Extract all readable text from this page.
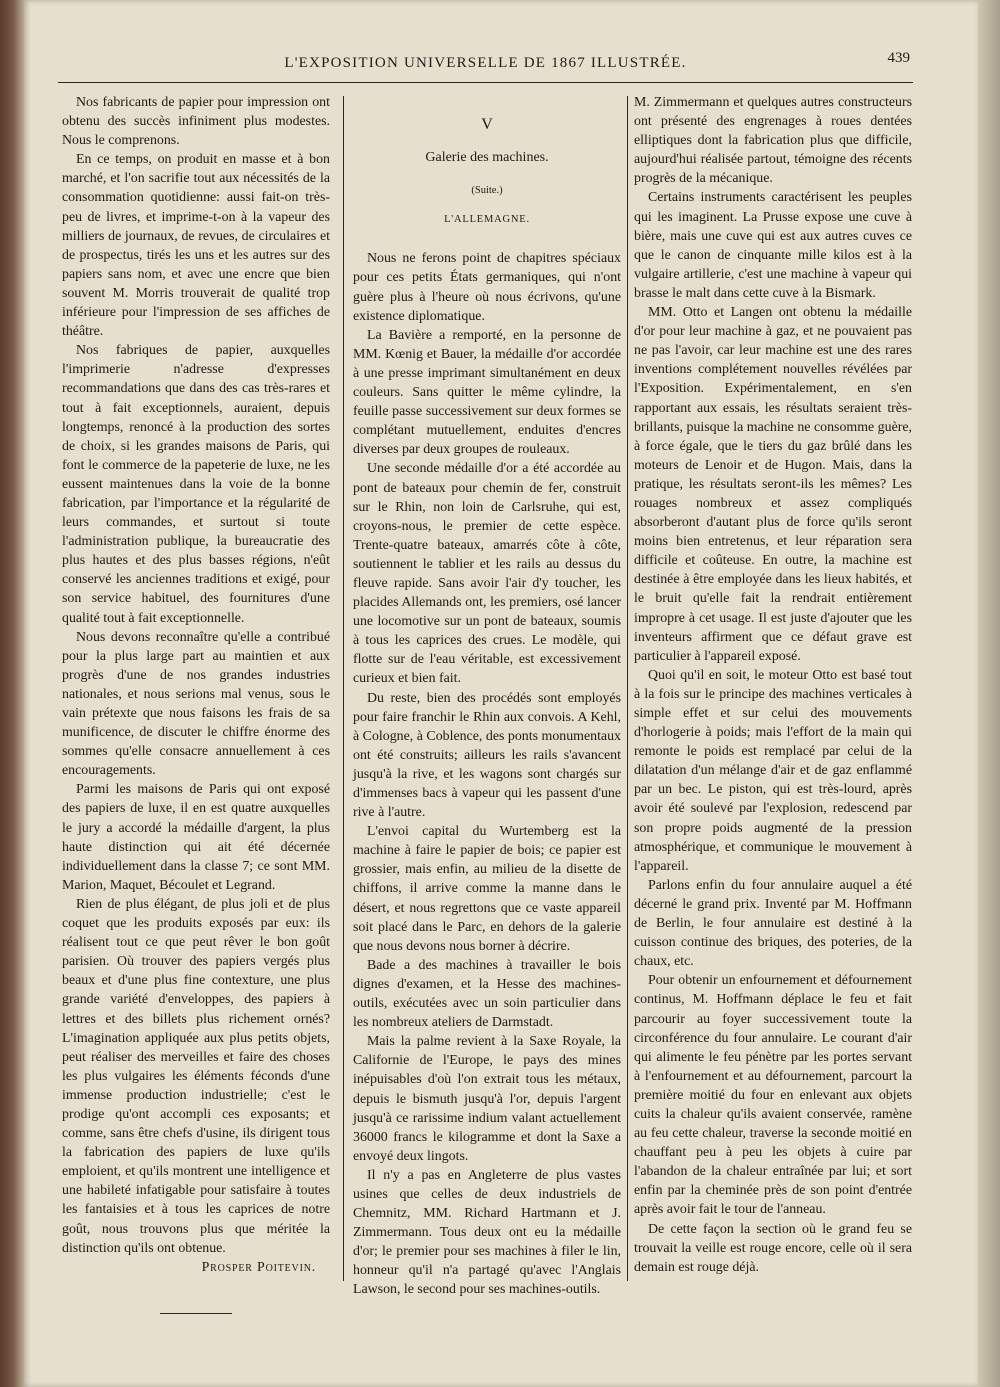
L'EXPOSITION UNIVERSELLE DE 1867 ILLUSTRÉE.	439

Nos fabricants de papier pour impression ont obtenu des succès infiniment plus modestes. Nous le comprenons.

En ce temps, on produit en masse et à bon marché, et l'on sacrifie tout aux nécessités de la consommation quotidienne: aussi fait-on très-peu de livres, et imprime-t-on à la vapeur des milliers de journaux, de revues, de circulaires et de prospectus, tirés les uns et les autres sur des papiers sans nom, et avec une encre que bien souvent M. Morris trouverait de qualité trop inférieure pour l'impression de ses affiches de théâtre.

Nos fabriques de papier, auxquelles l'imprimerie n'adresse d'expresses recommandations que dans des cas très-rares et tout à fait exceptionnels, auraient, depuis longtemps, renoncé à la production des sortes de choix, si les grandes maisons de Paris, qui font le commerce de la papeterie de luxe, ne les eussent maintenues dans la voie de la bonne fabrication, par l'importance et la régularité de leurs commandes, et surtout si toute l'administration publique, la bureaucratie des plus hautes et des plus basses régions, n'eût conservé les anciennes traditions et exigé, pour son service habituel, des fournitures d'une qualité tout à fait exceptionnelle.

Nous devons reconnaître qu'elle a contribué pour la plus large part au maintien et aux progrès d'une de nos grandes industries nationales, et nous serions mal venus, sous le vain prétexte que nous faisons les frais de sa munificence, de discuter le chiffre énorme des sommes qu'elle consacre annuellement à ces encouragements.

Parmi les maisons de Paris qui ont exposé des papiers de luxe, il en est quatre auxquelles le jury a accordé la médaille d'argent, la plus haute distinction qui ait été décernée individuellement dans la classe 7; ce sont MM. Marion, Maquet, Bécoulet et Legrand.

Rien de plus élégant, de plus joli et de plus coquet que les produits exposés par eux: ils réalisent tout ce que peut rêver le bon goût parisien. Où trouver des papiers vergés plus beaux et d'une plus fine contexture, une plus grande variété d'enveloppes, des papiers à lettres et des billets plus richement ornés? L'imagination appliquée aux plus petits objets, peut réaliser des merveilles et faire des choses les plus vulgaires les éléments féconds d'une immense production industrielle; c'est le prodige qu'ont accompli ces exposants; et comme, sans être chefs d'usine, ils dirigent tous la fabrication des papiers de luxe qu'ils emploient, et qu'ils montrent une intelligence et une habileté infatigable pour satisfaire à toutes les fantaisies et à tous les caprices de notre goût, nous trouvons plus que méritée la distinction qu'ils ont obtenue.

Prosper Poitevin.

V
Galerie des machines.
(Suite.)
L'ALLEMAGNE.

Nous ne ferons point de chapitres spéciaux pour ces petits États germaniques, qui n'ont guère plus à l'heure où nous écrivons, qu'une existence diplomatique.

La Bavière a remporté, en la personne de MM. Kœnig et Bauer, la médaille d'or accordée à une presse imprimant simultanément en deux couleurs. Sans quitter le même cylindre, la feuille passe successivement sur deux formes se complétant mutuellement, enduites d'encres diverses par deux groupes de rouleaux.

Une seconde médaille d'or a été accordée au pont de bateaux pour chemin de fer, construit sur le Rhin, non loin de Carlsruhe, qui est, croyons-nous, le premier de cette espèce. Trente-quatre bateaux, amarrés côte à côte, soutiennent le tablier et les rails au dessus du fleuve rapide. Sans avoir l'air d'y toucher, les placides Allemands ont, les premiers, osé lancer une locomotive sur un pont de bateaux, soumis à tous les caprices des crues. Le modèle, qui flotte sur de l'eau véritable, est excessivement curieux et bien fait.

Du reste, bien des procédés sont employés pour faire franchir le Rhin aux convois. A Kehl, à Cologne, à Coblence, des ponts monumentaux ont été construits; ailleurs les rails s'avancent jusqu'à la rive, et les wagons sont chargés sur d'immenses bacs à vapeur qui les passent d'une rive à l'autre.

L'envoi capital du Wurtemberg est la machine à faire le papier de bois; ce papier est grossier, mais enfin, au milieu de la disette de chiffons, il arrive comme la manne dans le désert, et nous regrettons que ce vaste appareil soit placé dans le Parc, en dehors de la galerie que nous devons nous borner à décrire.

Bade a des machines à travailler le bois dignes d'examen, et la Hesse des machines-outils, exécutées avec un soin particulier dans les nombreux ateliers de Darmstadt.

Mais la palme revient à la Saxe Royale, la Californie de l'Europe, le pays des mines inépuisables d'où l'on extrait tous les métaux, depuis le bismuth jusqu'à l'or, depuis l'argent jusqu'à ce rarissime indium valant actuellement 36000 francs le kilogramme et dont la Saxe a envoyé deux lingots.

Il n'y a pas en Angleterre de plus vastes usines que celles de deux industriels de Chemnitz, MM. Richard Hartmann et J. Zimmermann. Tous deux ont eu la médaille d'or; le premier pour ses machines à filer le lin, honneur qu'il n'a partagé qu'avec l'Anglais Lawson, le second pour ses machines-outils.

M. Zimmermann et quelques autres constructeurs ont présenté des engrenages à roues dentées elliptiques dont la fabrication plus que difficile, aujourd'hui réalisée partout, témoigne des récents progrès de la mécanique.

Certains instruments caractérisent les peuples qui les imaginent. La Prusse expose une cuve à bière, mais une cuve qui est aux autres cuves ce que le canon de cinquante mille kilos est à la vulgaire artillerie, c'est une machine à vapeur qui brasse le malt dans cette cuve à la Bismark.

MM. Otto et Langen ont obtenu la médaille d'or pour leur machine à gaz, et ne pouvaient pas ne pas l'avoir, car leur machine est une des rares inventions complétement nouvelles révélées par l'Exposition. Expérimentalement, en s'en rapportant aux essais, les résultats seraient très-brillants, puisque la machine ne consomme guère, à force égale, que le tiers du gaz brûlé dans les moteurs de Lenoir et de Hugon. Mais, dans la pratique, les résultats seront-ils les mêmes? Les rouages nombreux et assez compliqués absorberont d'autant plus de force qu'ils seront moins bien entretenus, et leur réparation sera difficile et coûteuse. En outre, la machine est destinée à être employée dans les lieux habités, et le bruit qu'elle fait la rendrait entièrement impropre à cet usage. Il est juste d'ajouter que les inventeurs affirment que ce défaut grave est particulier à l'appareil exposé.

Quoi qu'il en soit, le moteur Otto est basé tout à la fois sur le principe des machines verticales à simple effet et sur celui des mouvements d'horlogerie à poids; mais l'effort de la main qui remonte le poids est remplacé par celui de la dilatation d'un mélange d'air et de gaz enflammé par un bec. Le piston, qui est très-lourd, après avoir été soulevé par l'explosion, redescend par son propre poids augmenté de la pression atmosphérique, et communique le mouvement à l'appareil.

Parlons enfin du four annulaire auquel a été décerné le grand prix. Inventé par M. Hoffmann de Berlin, le four annulaire est destiné à la cuisson continue des briques, des poteries, de la chaux, etc.

Pour obtenir un enfournement et défournement continus, M. Hoffmann déplace le feu et fait parcourir au foyer successivement toute la circonférence du four annulaire. Le courant d'air qui alimente le feu pénètre par les portes servant à l'enfournement et au défournement, parcourt la première moitié du four en enlevant aux objets cuits la chaleur qu'ils avaient conservée, ramène au feu cette chaleur, traverse la seconde moitié en chauffant peu à peu les objets à cuire par l'abandon de la chaleur entraînée par lui; et sort enfin par la cheminée près de son point d'entrée après avoir fait le tour de l'anneau.

De cette façon la section où le grand feu se trouvait la veille est rouge encore, celle où il sera demain est rouge déjà.
